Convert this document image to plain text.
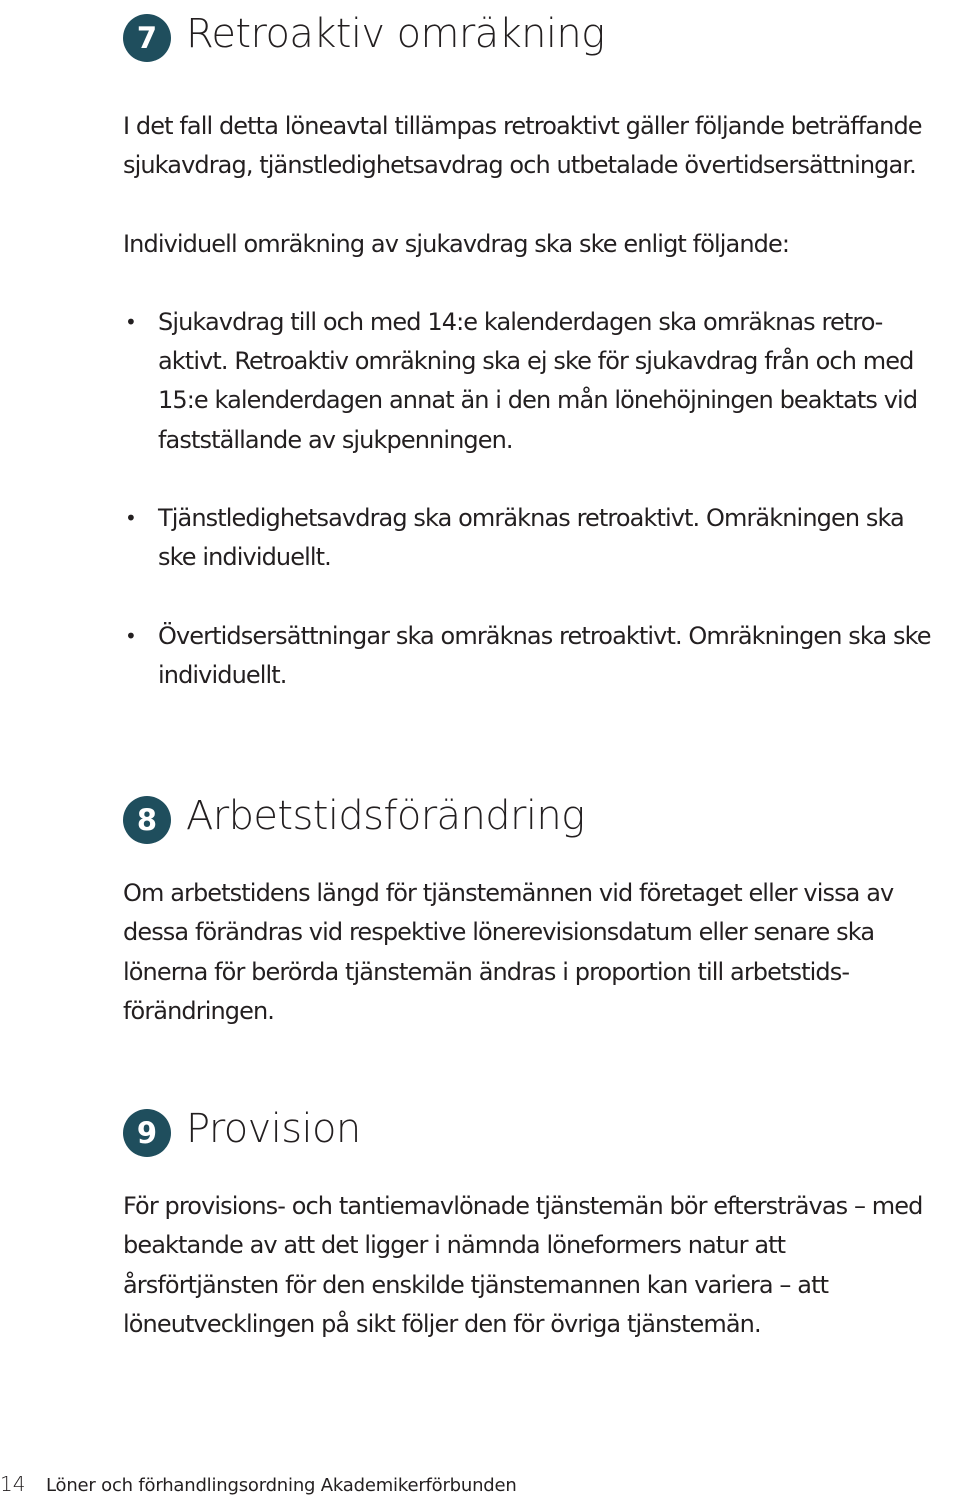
7 Retroaktiv omräkning

I det fall detta löneavtal tillämpas retroaktivt gäller följande beträffande sjukavdrag, tjänstledighetsavdrag och utbetalade övertidsersättningar.

Individuell omräkning av sjukavdrag ska ske enligt följande:

• Sjukavdrag till och med 14:e kalenderdagen ska omräknas retroaktivt. Retroaktiv omräkning ska ej ske för sjukavdrag från och med 15:e kalenderdagen annat än i den mån lönehöjningen beaktats vid fastställande av sjukpenningen.
• Tjänstledighetsavdrag ska omräknas retroaktivt. Omräkningen ska ske individuellt.
• Övertidsersättningar ska omräknas retroaktivt. Omräkningen ska ske individuellt.
8 Arbetstidsförändring

Om arbetstidens längd för tjänstemännen vid företaget eller vissa av dessa förändras vid respektive lönerevisionsdatum eller senare ska lönerna för berörda tjänstemän ändras i proportion till arbetstidsförändringen.

9 Provision

För provisions- och tantiemavlönade tjänstemän bör eftersträvas – med beaktande av att det ligger i nämnda löneformers natur att årsförtjänsten för den enskilde tjänstemannen kan variera – att löneutvecklingen på sikt följer den för övriga tjänstemän.

14 Löner och förhandlingsordning Akademikerförbunden
